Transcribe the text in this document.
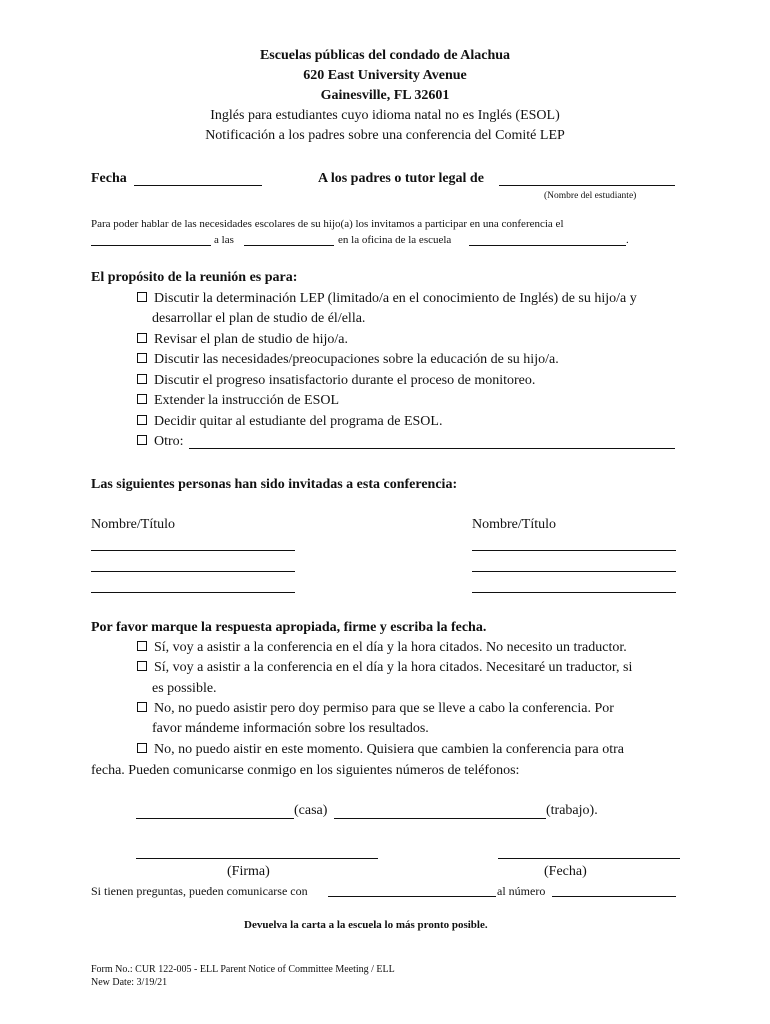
Escuelas públicas del condado de Alachua
620 East University Avenue
Gainesville, FL 32601
Inglés para estudiantes cuyo idioma natal no es Inglés (ESOL)
Notificación a los padres sobre una conferencia del Comité LEP
Fecha	A los padres o tutor legal de
(Nombre del estudiante)
Para poder hablar de las necesidades escolares de su hijo(a) los invitamos a participar en una conferencia el
a las	en la oficina de la escuela	.
El propósito de la reunión es para:
Discutir la determinación LEP (limitado/a en el conocimiento de Inglés) de su hijo/a y
desarrollar el plan de studio de él/ella.
Revisar el plan de studio de hijo/a.
Discutir las necesidades/preocupaciones sobre la educación de su hijo/a.
Discutir el progreso insatisfactorio durante el proceso de monitoreo.
Extender la instrucción de ESOL
Decidir quitar al estudiante del programa de ESOL.
Otro:
Las siguientes personas han sido invitadas a esta conferencia:
Nombre/Título	Nombre/Título
Por favor marque la respuesta apropiada, firme y escriba la fecha.
Sí, voy a asistir a la conferencia en el día y la hora citados. No necesito un traductor.
Sí, voy a asistir a la conferencia en el día y la hora citados. Necesitaré un traductor, si
es possible.
No, no puedo asistir pero doy permiso para que se lleve a cabo la conferencia. Por
favor mándeme información sobre los resultados.
No, no puedo aistir en este momento. Quisiera que cambien la conferencia para otra
fecha. Pueden comunicarse conmigo en los siguientes números de teléfonos:
(casa)	(trabajo).
(Firma)	(Fecha)
Si tienen preguntas, pueden comunicarse con	al número
Devuelva la carta a la escuela lo más pronto posible.
Form No.: CUR 122-005 - ELL Parent Notice of Committee Meeting / ELL
New Date: 3/19/21
